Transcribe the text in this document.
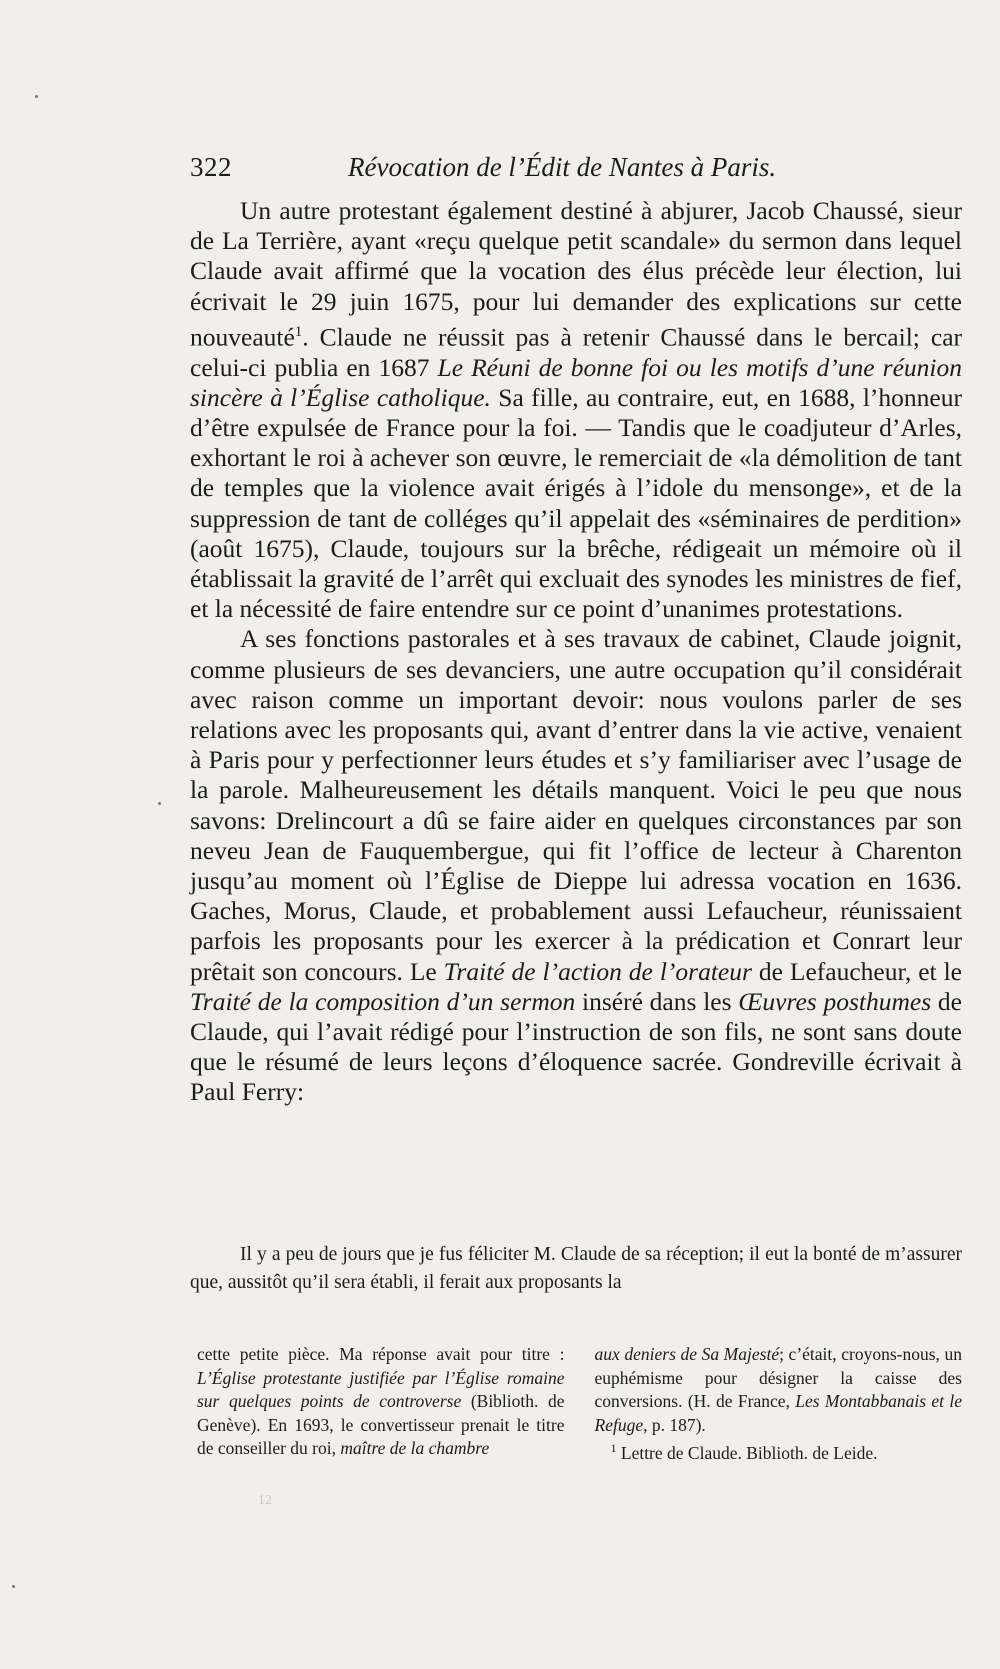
322	Révocation de l’Édit de Nantes à Paris.

Un autre protestant également destiné à abjurer, Jacob Chaussé, sieur de La Terrière, ayant «reçu quelque petit scandale» du sermon dans lequel Claude avait affirmé que la vocation des élus précède leur élection, lui écrivait le 29 juin 1675, pour lui demander des explications sur cette nouveauté$^1$. Claude ne réussit pas à retenir Chaussé dans le bercail; car celui-ci publia en 1687 Le Réuni de bonne foi ou les motifs d’une réunion sincère à l’Église catholique. Sa fille, au contraire, eut, en 1688, l’honneur d’être expulsée de France pour la foi. — Tandis que le coadjuteur d’Arles, exhortant le roi à achever son œuvre, le remerciait de «la démolition de tant de temples que la violence avait érigés à l’idole du mensonge», et de la suppression de tant de colléges qu’il appelait des «séminaires de perdition» (août 1675), Claude, toujours sur la brêche, rédigeait un mémoire où il établissait la gravité de l’arrêt qui excluait des synodes les ministres de fief, et la nécessité de faire entendre sur ce point d’unanimes protestations.

A ses fonctions pastorales et à ses travaux de cabinet, Claude joignit, comme plusieurs de ses devanciers, une autre occupation qu’il considérait avec raison comme un important devoir: nous voulons parler de ses relations avec les proposants qui, avant d’entrer dans la vie active, venaient à Paris pour y perfectionner leurs études et s’y familiariser avec l’usage de la parole. Malheureusement les détails manquent. Voici le peu que nous savons: Drelincourt a dû se faire aider en quelques circonstances par son neveu Jean de Fauquembergue, qui fit l’office de lecteur à Charenton jusqu’au moment où l’Église de Dieppe lui adressa vocation en 1636. Gaches, Morus, Claude, et probablement aussi Lefaucheur, réunissaient parfois les proposants pour les exercer à la prédication et Conrart leur prêtait son concours. Le Traité de l’action de l’orateur de Lefaucheur, et le Traité de la composition d’un sermon inséré dans les Œuvres posthumes de Claude, qui l’avait rédigé pour l’instruction de son fils, ne sont sans doute que le résumé de leurs leçons d’éloquence sacrée. Gondreville écrivait à Paul Ferry:

Il y a peu de jours que je fus féliciter M. Claude de sa réception; il eut la bonté de m’assurer que, aussitôt qu’il sera établi, il ferait aux proposants la

cette petite pièce. Ma réponse avait pour titre : L’Église protestante justifiée par l’Église romaine sur quelques points de controverse (Biblioth. de Genève). En 1693, le convertisseur prenait le titre de conseiller du roi, maître de la chambre

aux deniers de Sa Majesté; c’était, croyons-nous, un euphémisme pour désigner la caisse des conversions. (H. de France, Les Montabbanais et le Refuge, p. 187).

$^1$ Lettre de Claude. Biblioth. de Leide.

12
